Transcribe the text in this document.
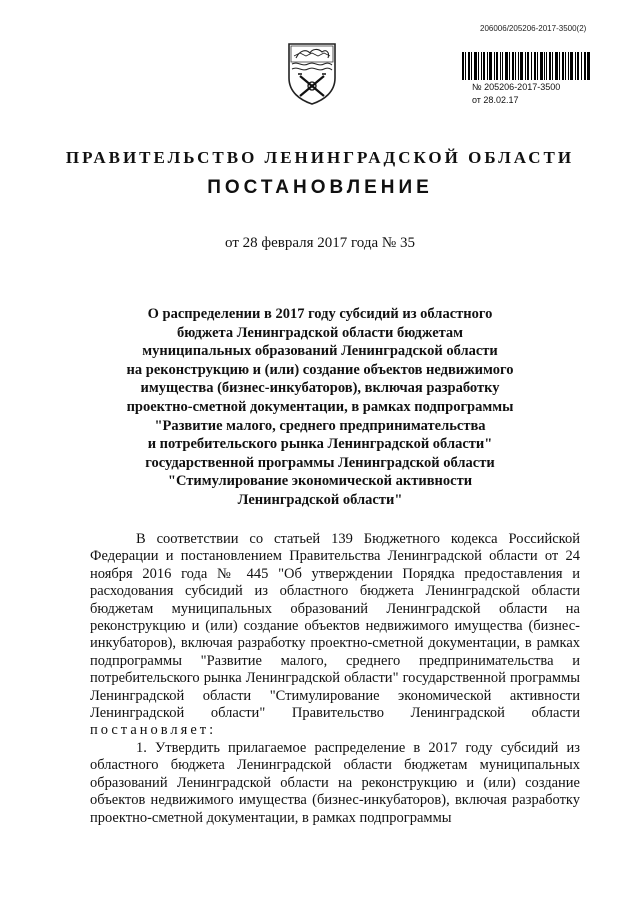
206006/205206-2017-3500(2)
№ 205206-2017-3500
от 28.02.17
ПРАВИТЕЛЬСТВО ЛЕНИНГРАДСКОЙ ОБЛАСТИ
ПОСТАНОВЛЕНИЕ
от 28 февраля 2017 года № 35
О распределении в 2017 году субсидий из областного
бюджета Ленинградской области бюджетам
муниципальных образований Ленинградской области
на реконструкцию и (или) создание объектов недвижимого
имущества (бизнес-инкубаторов), включая разработку
проектно-сметной документации, в рамках подпрограммы
"Развитие малого, среднего предпринимательства
и потребительского рынка Ленинградской области"
государственной программы Ленинградской области
"Стимулирование экономической активности
Ленинградской области"

В соответствии со статьей 139 Бюджетного кодекса Российской Федерации и постановлением Правительства Ленинградской области от 24 ноября 2016 года № 445 "Об утверждении Порядка предоставления и расходования субсидий из областного бюджета Ленинградской области бюджетам муниципальных образований Ленинградской области на реконструкцию и (или) создание объектов недвижимого имущества (бизнес-инкубаторов), включая разработку проектно-сметной документации, в рамках подпрограммы "Развитие малого, среднего предпринимательства и потребительского рынка Ленинградской области" государственной программы Ленинградской области "Стимулирование экономической активности Ленинградской области" Правительство Ленинградской области постановляет:

1. Утвердить прилагаемое распределение в 2017 году субсидий из областного бюджета Ленинградской области бюджетам муниципальных образований Ленинградской области на реконструкцию и (или) создание объектов недвижимого имущества (бизнес-инкубаторов), включая разработку проектно-сметной документации, в рамках подпрограммы
